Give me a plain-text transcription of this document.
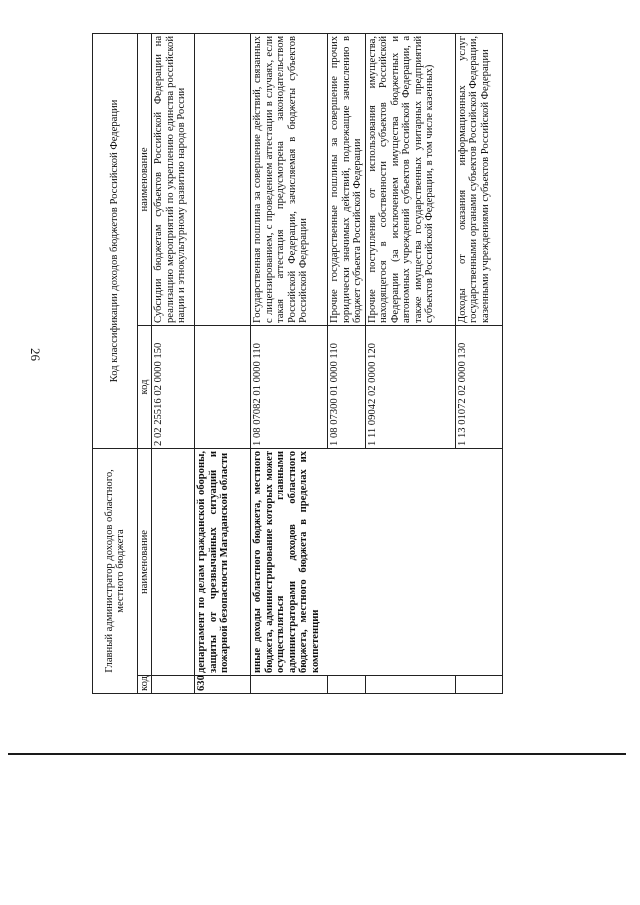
26
Главный администратор доходов областного, местного бюджета		Код классификации доходов бюджетов Российской Федерации	
код	наименование	код	наименование
		2 02 25516 02 0000 150	Субсидии бюджетам субъектов Российской Федерации на реализацию мероприятий по укреплению единства российской нации и этнокультурному развитию народов России
630	департамент по делам гражданской обороны, защиты от чрезвычайных ситуаций и пожарной безопасности Магаданской области		
	иные доходы областного бюджета, местного бюджета, администрирование которых может осуществляться главными администраторами доходов областного бюджета, местного бюджета в пределах их компетенции	1 08 07082 01 0000 110	Государственная пошлина за совершение действий, связанных с лицензированием, с проведением аттестации в случаях, если такая аттестация предусмотрена законодательством Российской Федерации, зачисляемая в бюджеты субъектов Российской Федерации
		1 08 07300 01 0000 110	Прочие государственные пошлины за совершение прочих юридически значимых действий, подлежащие зачислению в бюджет субъекта Российской Федерации
		1 11 09042 02 0000 120	Прочие поступления от использования имущества, находящегося в собственности субъектов Российской Федерации (за исключением имущества бюджетных и автономных учреждений субъектов Российской Федерации, а также имущества государственных унитарных предприятий субъектов Российской Федерации, в том числе казенных)
		1 13 01072 02 0000 130	Доходы от оказания информационных услуг государственными органами субъектов Российской Федерации, казенными учреждениями субъектов Российской Федерации
